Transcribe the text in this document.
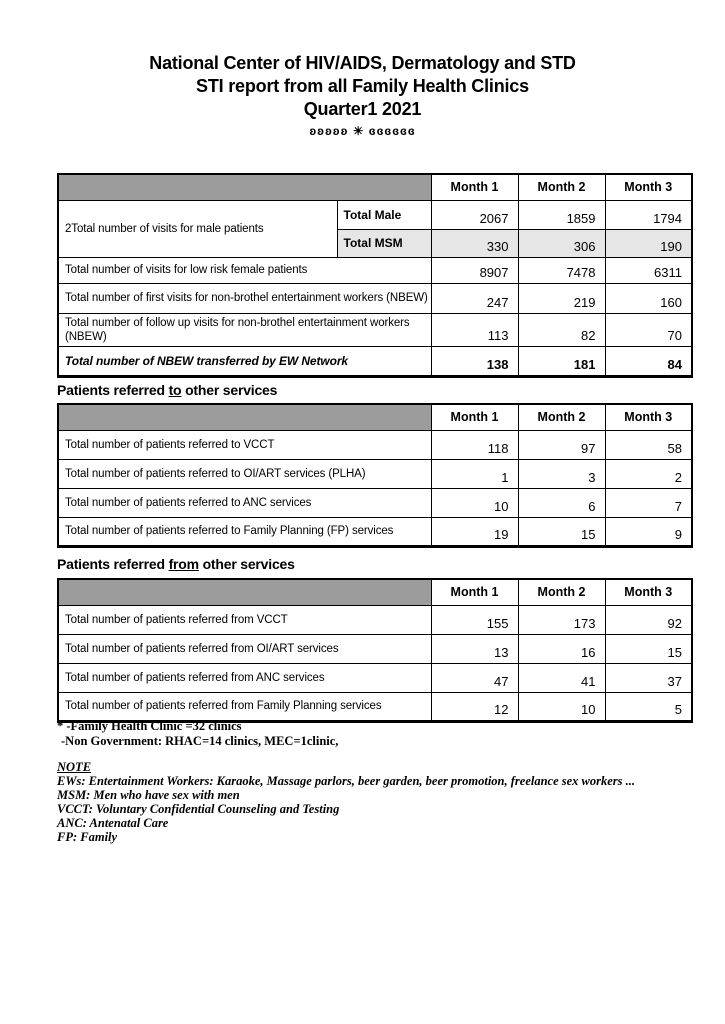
National Center of HIV/AIDS, Dermatology and STD
STI report from all Family Health Clinics
Quarter1 2021
ʚʚʚʚʚ ☀ ɞɞɞɞɞɞ
		Month 1	Month 2	Month 3
2Total number of visits for male patients	Total Male	2067	1859	1794
	Total MSM	330	306	190
Total number of visits for low risk female patients		8907	7478	6311
Total number of first visits for non-brothel entertainment workers (NBEW)		247	219	160
Total number of follow up visits for non-brothel entertainment workers (NBEW)		113	82	70
Total number of NBEW transferred by EW Network		138	181	84
Patients referred to other services
	Month 1	Month 2	Month 3
Total number of patients referred to VCCT	118	97	58
Total number of patients referred to OI/ART services (PLHA)	1	3	2
Total number of patients referred to ANC services	10	6	7
Total number of patients referred to Family Planning (FP) services	19	15	9
Patients referred from other services
	Month 1	Month 2	Month 3
Total number of patients referred from VCCT	155	173	92
Total number of patients referred from OI/ART services	13	16	15
Total number of patients referred from ANC services	47	41	37
Total number of patients referred from Family Planning services	12	10	5
* -Family Health Clinic =32 clinics
-Non Government: RHAC=14 clinics, MEC=1clinic,
NOTE
EWs: Entertainment Workers: Karaoke, Massage parlors, beer garden, beer promotion, freelance sex workers ...
MSM: Men who have sex with men
VCCT: Voluntary Confidential Counseling and Testing
ANC: Antenatal Care
FP: Family
